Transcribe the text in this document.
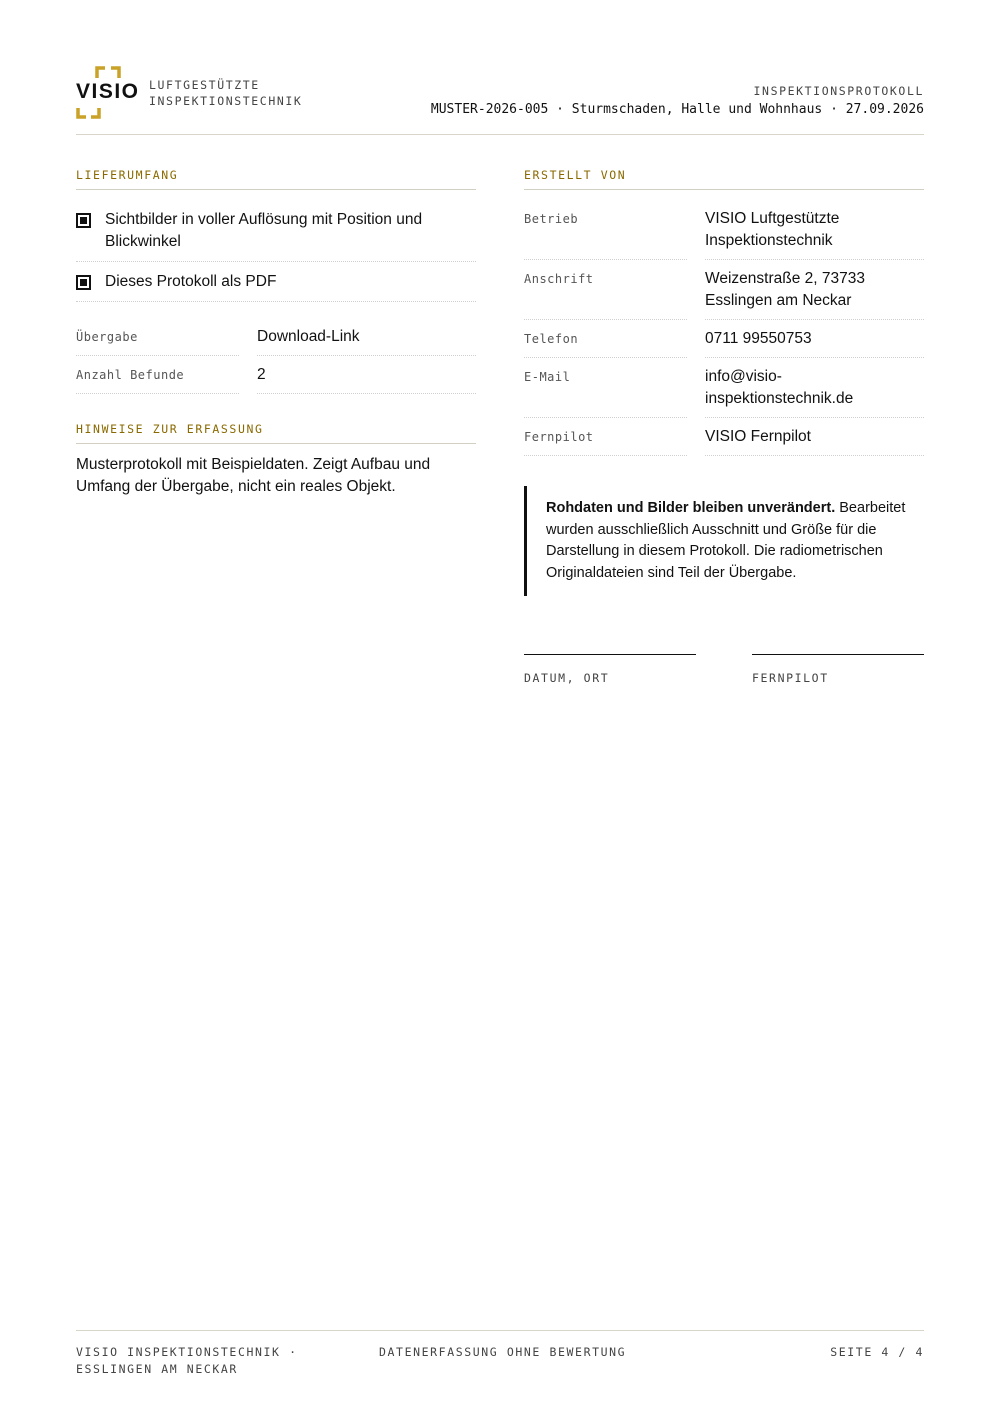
VISIO LUFTGESTÜTZTE
INSPEKTIONSTECHNIK
INSPEKTIONSPROTOKOLL
MUSTER-2026-005 · Sturmschaden, Halle und Wohnhaus · 27.09.2026
LIEFERUMFANG
Sichtbilder in voller Auflösung mit Position und Blickwinkel
Dieses Protokoll als PDF
Übergabe		Download-Link
Anzahl Befunde		2
HINWEISE ZUR ERFASSUNG
Musterprotokoll mit Beispieldaten. Zeigt Aufbau und Umfang der Übergabe, nicht ein reales Objekt.
ERSTELLT VON
Betrieb		VISIO Luftgestützte Inspektionstechnik
Anschrift		Weizenstraße 2, 73733 Esslingen am Neckar
Telefon		0711 99550753
E-Mail		info@visio-
inspektionstechnik.de
Fernpilot		VISIO Fernpilot
Rohdaten und Bilder bleiben unverändert. Bearbeitet wurden ausschließlich Ausschnitt und Größe für die Darstellung in diesem Protokoll. Die radiometrischen Originaldateien sind Teil der Übergabe.
DATUM, ORT	FERNPILOT
VISIO INSPEKTIONSTECHNIK · ESSLINGEN AM NECKAR
DATENERFASSUNG OHNE BEWERTUNG	SEITE 4 / 4
